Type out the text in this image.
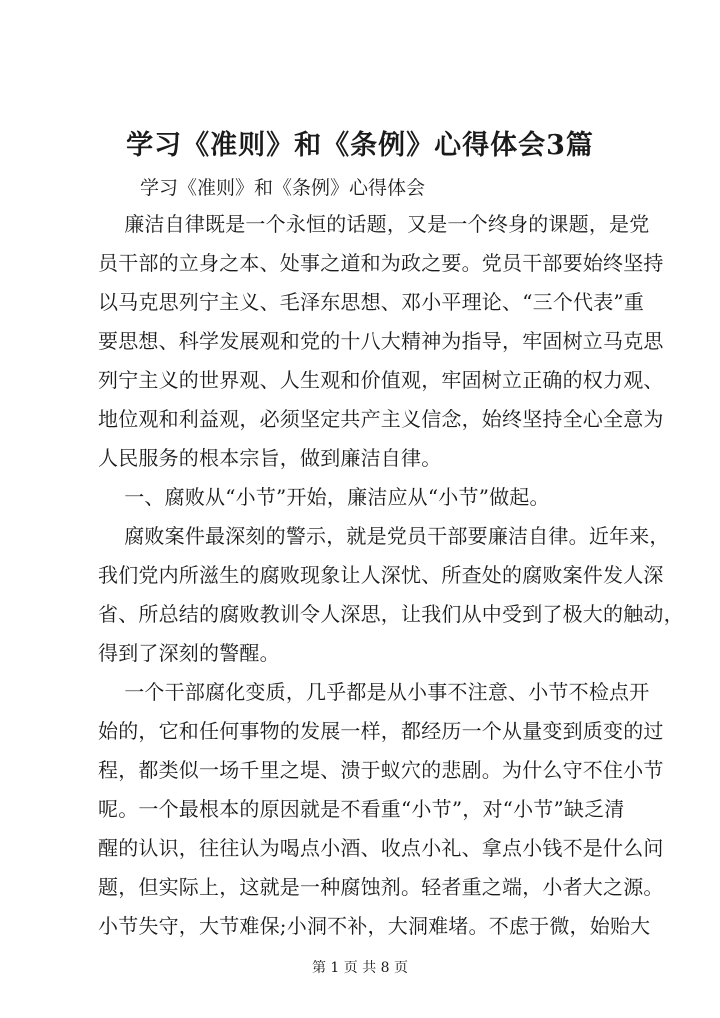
学习《准则》和《条例》心得体会3篇
学习《准则》和《条例》心得体会
廉洁自律既是一个永恒的话题，又是一个终身的课题，是党
员干部的立身之本、处事之道和为政之要。党员干部要始终坚持
以马克思列宁主义、毛泽东思想、邓小平理论、“三个代表”重
要思想、科学发展观和党的十八大精神为指导，牢固树立马克思
列宁主义的世界观、人生观和价值观，牢固树立正确的权力观、
地位观和利益观，必须坚定共产主义信念，始终坚持全心全意为
人民服务的根本宗旨，做到廉洁自律。
一、腐败从“小节”开始，廉洁应从“小节”做起。
腐败案件最深刻的警示，就是党员干部要廉洁自律。近年来，
我们党内所滋生的腐败现象让人深忧、所查处的腐败案件发人深
省、所总结的腐败教训令人深思，让我们从中受到了极大的触动，
得到了深刻的警醒。
一个干部腐化变质，几乎都是从小事不注意、小节不检点开
始的，它和任何事物的发展一样，都经历一个从量变到质变的过
程，都类似一场千里之堤、溃于蚁穴的悲剧。为什么守不住小节
呢。一个最根本的原因就是不看重“小节”，对“小节”缺乏清
醒的认识，往往认为喝点小酒、收点小礼、拿点小钱不是什么问
题，但实际上，这就是一种腐蚀剂。轻者重之端，小者大之源。
小节失守，大节难保;小洞不补，大洞难堵。不虑于微，始贻大
第 1 页 共 8 页
